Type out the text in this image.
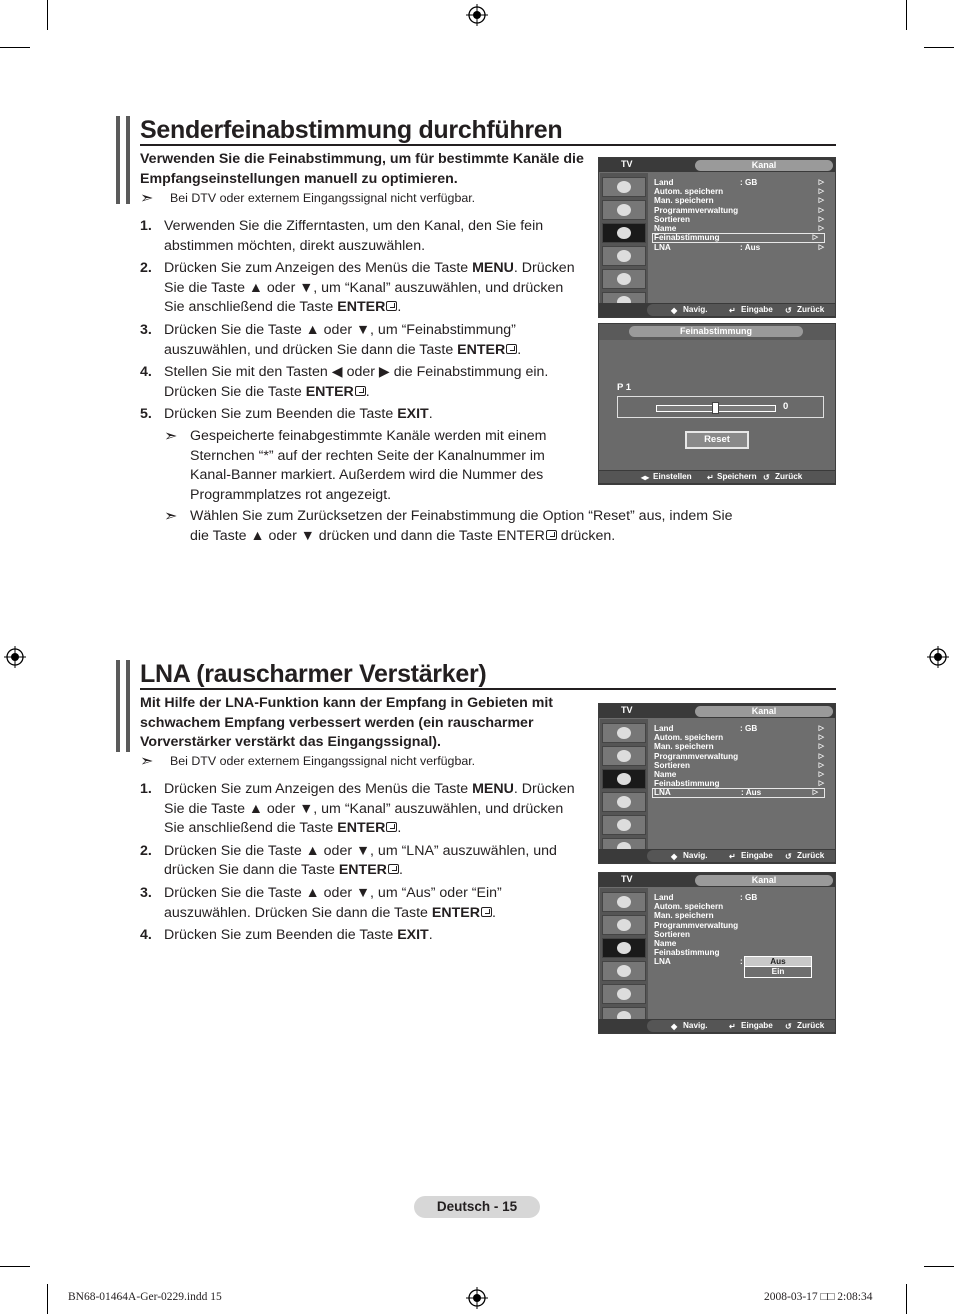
Senderfeinabstimmung durchführen
Verwenden Sie die Feinabstimmung, um für bestimmte Kanäle die Empfangseinstellungen manuell zu optimieren.
➣ Bei DTV oder externem Eingangssignal nicht verfügbar.
1. Verwenden Sie die Zifferntasten, um den Kanal, den Sie fein abstimmen möchten, direkt auszuwählen.
2. Drücken Sie zum Anzeigen des Menüs die Taste MENU. Drücken Sie die Taste ▲ oder ▼, um “Kanal” auszuwählen, und drücken Sie anschließend die Taste ENTER .
3. Drücken Sie die Taste ▲ oder ▼, um “Feinabstimmung” auszuwählen, und drücken Sie dann die Taste ENTER .
4. Stellen Sie mit den Tasten ◀ oder ▶ die Feinabstimmung ein. Drücken Sie die Taste ENTER .
5. Drücken Sie zum Beenden die Taste EXIT.
➣ Gespeicherte feinabgestimmte Kanäle werden mit einem Sternchen “*” auf der rechten Seite der Kanalnummer im Kanal-Banner markiert. Außerdem wird die Nummer des Programmplatzes rot angezeigt.
➣ Wählen Sie zum Zurücksetzen der Feinabstimmung die Option “Reset” aus, indem Sie die Taste ▲ oder ▼ drücken und dann die Taste ENTER drücken.
TV	Kanal
Land	: GB	▷
Autom. speichern	▷
Man. speichern	▷
Programmverwaltung	▷
Sortieren	▷
Name	▷
Feinabstimmung	▷
LNA	: Aus	▷
◆ Navig.	↵ Eingabe ↺ Zurück
Feinabstimmung
P 1
0
Reset
◂▸ Einstellen ↵ Speichern ↺ Zurück
LNA (rauscharmer Verstärker)
Mit Hilfe der LNA-Funktion kann der Empfang in Gebieten mit schwachem Empfang verbessert werden (ein rauscharmer Vorverstärker verstärkt das Eingangssignal).
➣ Bei DTV oder externem Eingangssignal nicht verfügbar.
1. Drücken Sie zum Anzeigen des Menüs die Taste MENU. Drücken Sie die Taste ▲ oder ▼, um “Kanal” auszuwählen, und drücken Sie anschließend die Taste ENTER .
2. Drücken Sie die Taste ▲ oder ▼, um “LNA” auszuwählen, und drücken Sie dann die Taste ENTER .
3. Drücken Sie die Taste ▲ oder ▼, um “Aus” oder “Ein” auszuwählen. Drücken Sie dann die Taste ENTER .
4. Drücken Sie zum Beenden die Taste EXIT.
TV	Kanal
Land	: GB	▷
Autom. speichern	▷
Man. speichern	▷
Programmverwaltung	▷
Sortieren	▷
Name	▷
Feinabstimmung	▷
LNA	: Aus	▷
◆ Navig.	↵ Eingabe ↺ Zurück
TV	Kanal
Land	: GB
Autom. speichern
Man. speichern
Programmverwaltung
Sortieren
Name
Feinabstimmung
LNA	:	Aus
Ein
◆ Navig.	↵ Eingabe ↺ Zurück
Deutsch - 15
BN68-01464A-Ger-0229.indd 15	2008-03-17 □□ 2:08:34
